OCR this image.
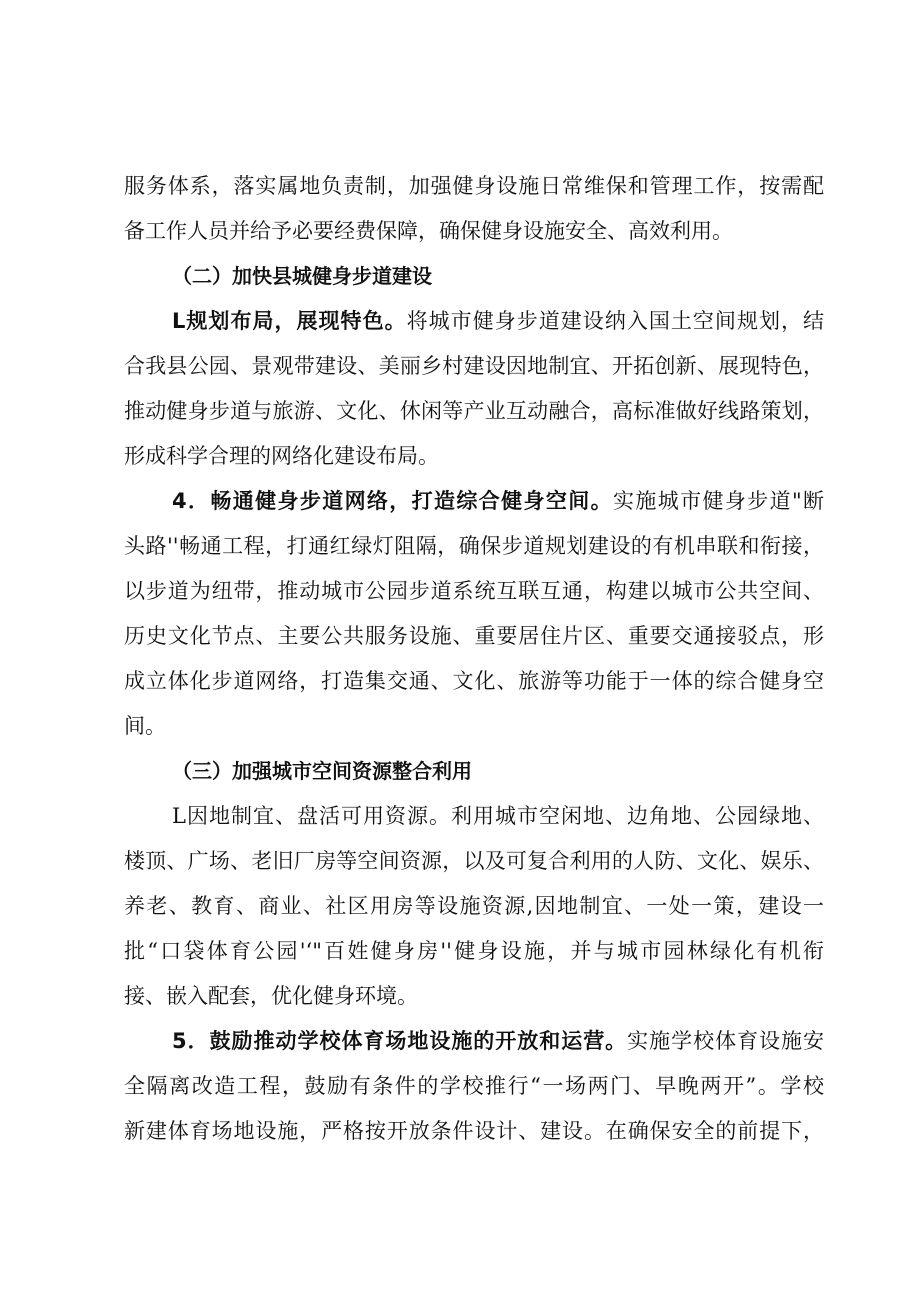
服务体系，落实属地负责制，加强健身设施日常维保和管理工作，按需配
备工作人员并给予必要经费保障，确保健身设施安全、高效利用。
（二）加快县城健身步道建设
L规划布局，展现特色。将城市健身步道建设纳入国土空间规划，结
合我县公园、景观带建设、美丽乡村建设因地制宜、开拓创新、展现特色，
推动健身步道与旅游、文化、休闲等产业互动融合，高标准做好线路策划，
形成科学合理的网络化建设布局。
4．畅通健身步道网络，打造综合健身空间。实施城市健身步道"断
头路''畅通工程，打通红绿灯阻隔，确保步道规划建设的有机串联和衔接，
以步道为纽带，推动城市公园步道系统互联互通，构建以城市公共空间、
历史文化节点、主要公共服务设施、重要居住片区、重要交通接驳点，形
成立体化步道网络，打造集交通、文化、旅游等功能于一体的综合健身空
间。
（三）加强城市空间资源整合利用
L因地制宜、盘活可用资源。利用城市空闲地、边角地、公园绿地、
楼顶、广场、老旧厂房等空间资源，以及可复合利用的人防、文化、娱乐、
养老、教育、商业、社区用房等设施资源,因地制宜、一处一策，建设一
批“口袋体育公园'‘"百姓健身房''健身设施，并与城市园林绿化有机衔
接、嵌入配套，优化健身环境。
5．鼓励推动学校体育场地设施的开放和运营。实施学校体育设施安
全隔离改造工程，鼓励有条件的学校推行“一场两门、早晚两开”。学校
新建体育场地设施，严格按开放条件设计、建设。在确保安全的前提下，
